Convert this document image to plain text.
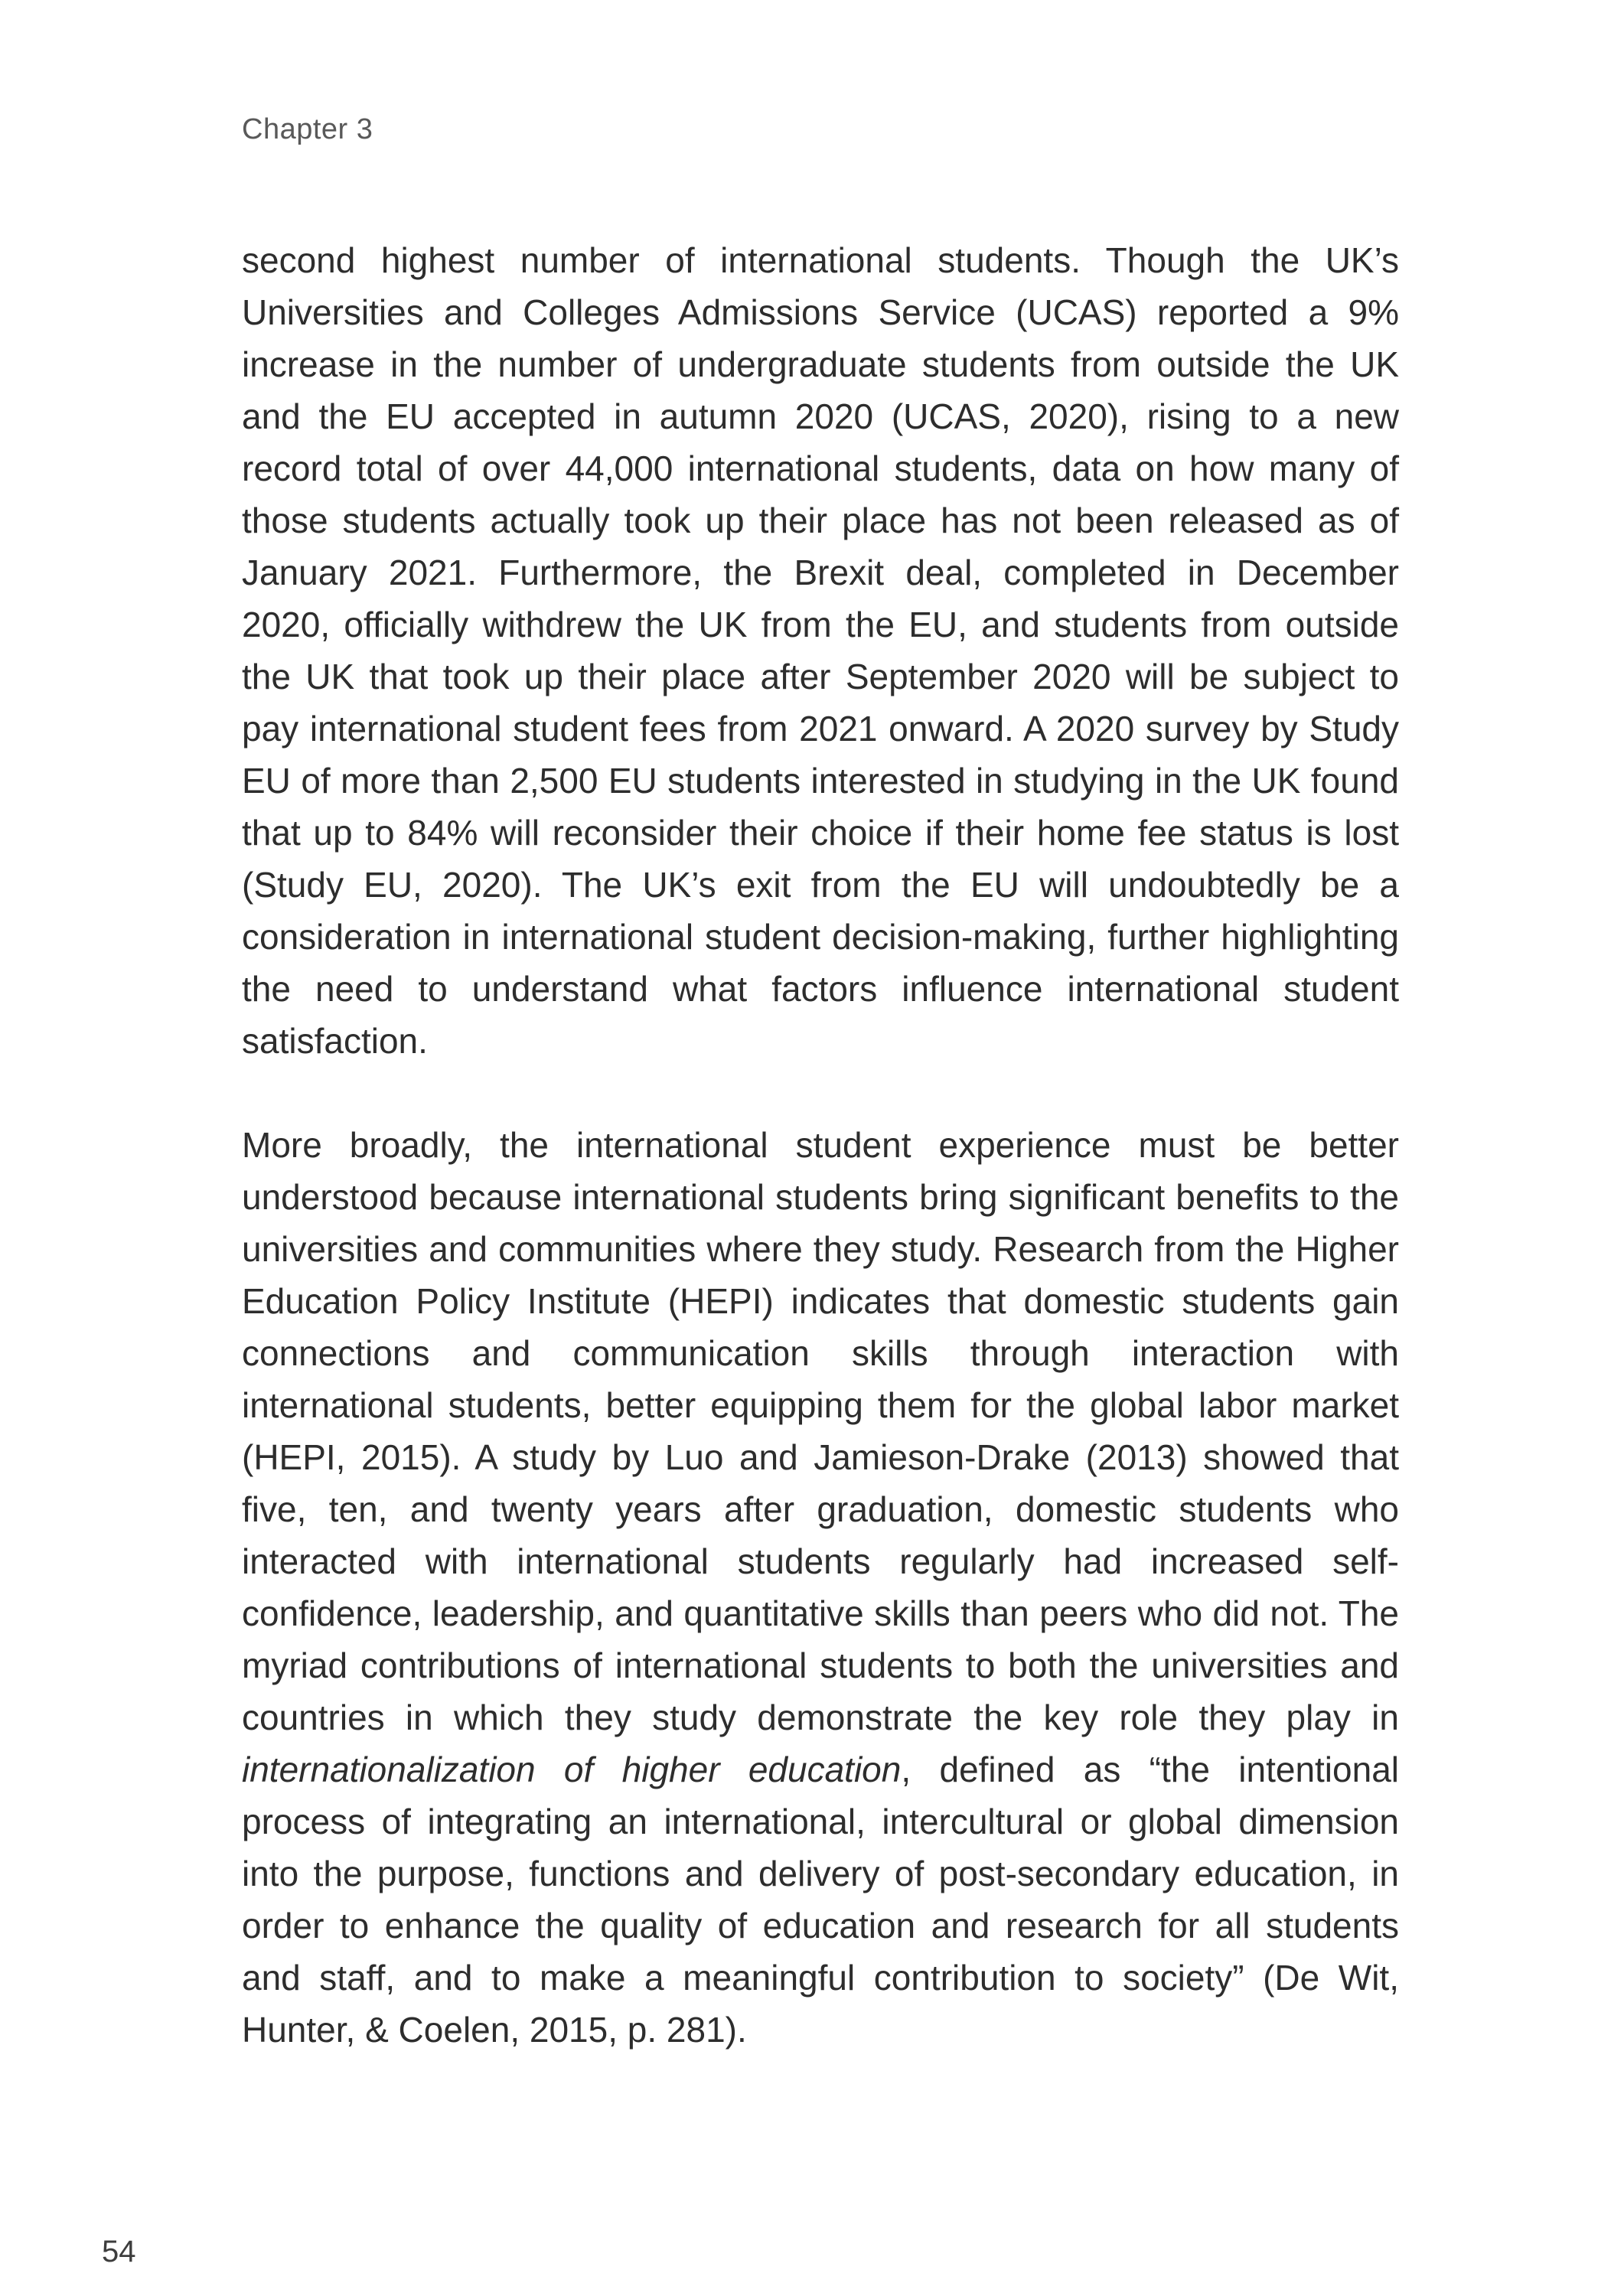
Chapter 3

second highest number of international students. Though the UK’s Universities and Colleges Admissions Service (UCAS) reported a 9% increase in the number of undergraduate students from outside the UK and the EU accepted in autumn 2020 (UCAS, 2020), rising to a new record total of over 44,000 international students, data on how many of those students actually took up their place has not been released as of January 2021. Furthermore, the Brexit deal, completed in December 2020, officially withdrew the UK from the EU, and students from outside the UK that took up their place after September 2020 will be subject to pay international student fees from 2021 onward. A 2020 survey by Study EU of more than 2,500 EU students interested in studying in the UK found that up to 84% will reconsider their choice if their home fee status is lost (Study EU, 2020). The UK’s exit from the EU will undoubtedly be a consideration in international student decision-making, further highlighting the need to understand what factors influence international student satisfaction.

More broadly, the international student experience must be better understood because international students bring significant benefits to the universities and communities where they study. Research from the Higher Education Policy Institute (HEPI) indicates that domestic students gain connections and communication skills through interaction with international students, better equipping them for the global labor market (HEPI, 2015). A study by Luo and Jamieson-Drake (2013) showed that five, ten, and twenty years after graduation, domestic students who interacted with international students regularly had increased self-confidence, leadership, and quantitative skills than peers who did not. The myriad contributions of international students to both the universities and countries in which they study demonstrate the key role they play in internationalization of higher education, defined as “the intentional process of integrating an international, intercultural or global dimension into the purpose, functions and delivery of post-secondary education, in order to enhance the quality of education and research for all students and staff, and to make a meaningful contribution to society” (De Wit, Hunter, & Coelen, 2015, p. 281).

54
